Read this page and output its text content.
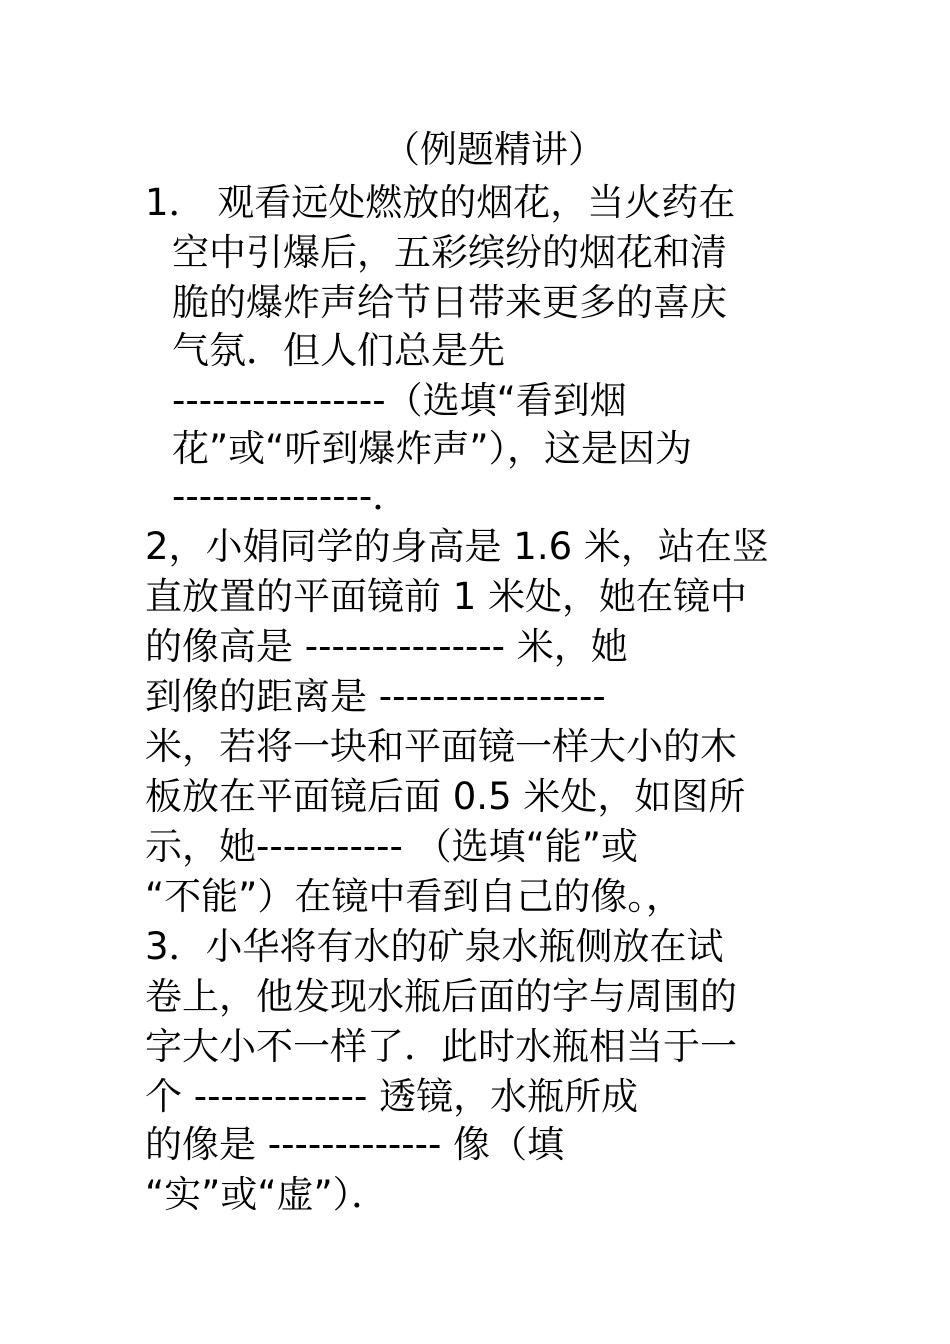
（例题精讲）
1． 观看远处燃放的烟花，当火药在
空中引爆后，五彩缤纷的烟花和清
脆的爆炸声给节日带来更多的喜庆
气氛．但人们总是先
----------------（选填“看到烟
花”或“听到爆炸声”），这是因为
---------------．
2，小娟同学的身高是 1.6 米，站在竖
直放置的平面镜前 1 米处，她在镜中
的像高是 --------------- 米，她
到像的距离是 -----------------
米，若将一块和平面镜一样大小的木
板放在平面镜后面 0.5 米处，如图所
示，她----------- （选填“能”或
“不能”）在镜中看到自己的像。，
3．小华将有水的矿泉水瓶侧放在试
卷上，他发现水瓶后面的字与周围的
字大小不一样了．此时水瓶相当于一
个 ------------- 透镜，水瓶所成
的像是 ------------- 像（填
“实”或“虚”）．
